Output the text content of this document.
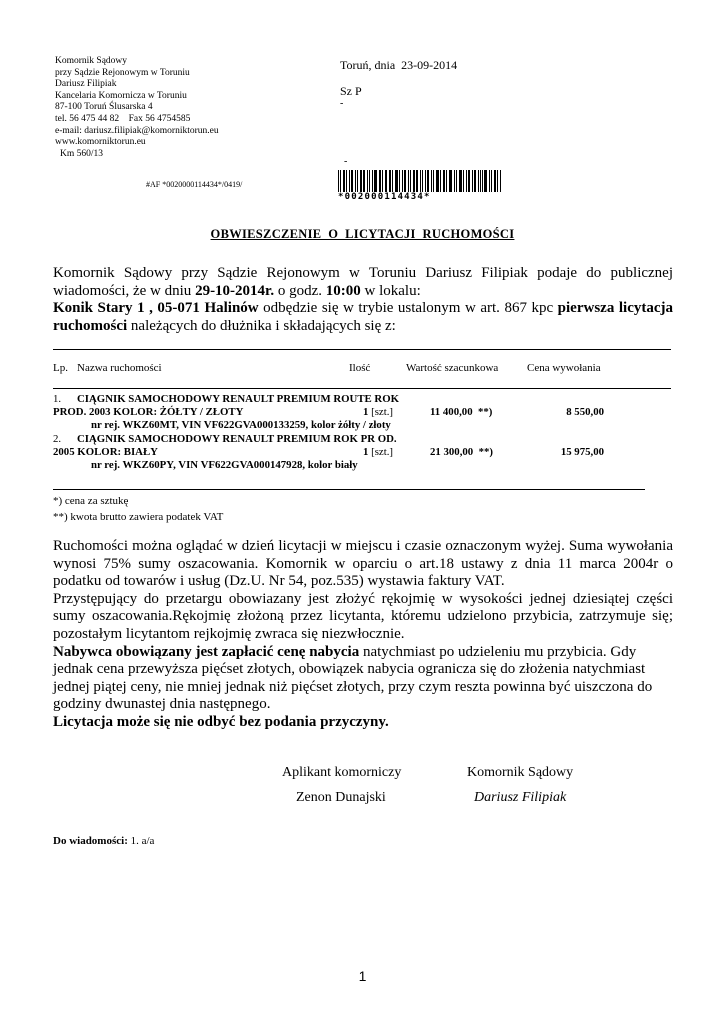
Komornik Sądowy
przy Sądzie Rejonowym w Toruniu
Dariusz Filipiak
Kancelaria Komornicza w Toruniu
87-100 Toruń Ślusarska 4
tel. 56 475 44 82    Fax 56 4754585
e-mail: dariusz.filipiak@komorniktorun.eu
www.komorniktorun.eu
Km 560/13
Toruń, dnia  23-09-2014
Sz P
-
-
#AF *0020000114434*/0419/
*002000114434*
OBWIESZCZENIE  O  LICYTACJI  RUCHOMOŚCI
Komornik Sądowy przy Sądzie Rejonowym w Toruniu Dariusz Filipiak podaje do publicznej wiadomości, że w dniu 29-10-2014r. o godz. 10:00 w lokalu:
Konik Stary 1 , 05-071 Halinów odbędzie się w trybie ustalonym w art. 867 kpc pierwsza licytacja ruchomości należących do dłużnika i składających się z:
Lp. Nazwa ruchomości	Ilość	Wartość szacunkowa	Cena wywołania
1. CIĄGNIK SAMOCHODOWY RENAULT PREMIUM ROUTE ROK
PROD. 2003 KOLOR: ŻÓŁTY / ZŁOTY	1 [szt.]	11 400,00  **)	8 550,00
nr rej. WKZ60MT, VIN VF622GVA000133259, kolor żółty / złoty
2. CIĄGNIK SAMOCHODOWY RENAULT PREMIUM ROK PR OD.
2005 KOLOR: BIAŁY	1 [szt.]	21 300,00  **)	15 975,00
nr rej. WKZ60PY, VIN VF622GVA000147928, kolor biały
*) cena za sztukę
**) kwota brutto zawiera podatek VAT
Ruchomości można oglądać w dzień licytacji w miejscu i czasie oznaczonym wyżej. Suma wywołania wynosi 75% sumy oszacowania. Komornik w oparciu o art.18 ustawy z dnia 11 marca 2004r o podatku od towarów i usług (Dz.U. Nr 54, poz.535) wystawia faktury VAT.
Przystępujący do przetargu obowiazany jest złożyć rękojmię w wysokości jednej dziesiątej części sumy oszacowania.Rękojmię złożoną przez licytanta, któremu udzielono przybicia, zatrzymuje się; pozostałym licytantom rejkojmię zwraca się niezwłocznie.
Nabywca obowiązany jest zapłacić cenę nabycia natychmiast po udzieleniu mu przybicia. Gdy jednak cena przewyższa pięćset złotych, obowiązek nabycia ogranicza się do złożenia natychmiast jednej piątej ceny, nie mniej jednak niż pięćset złotych, przy czym reszta powinna być uiszczona do godziny dwunastej dnia następnego.
Licytacja może się nie odbyć bez podania przyczyny.
Aplikant komorniczy
Zenon Dunajski
Komornik Sądowy
Dariusz Filipiak
Do wiadomości: 1. a/a
1
